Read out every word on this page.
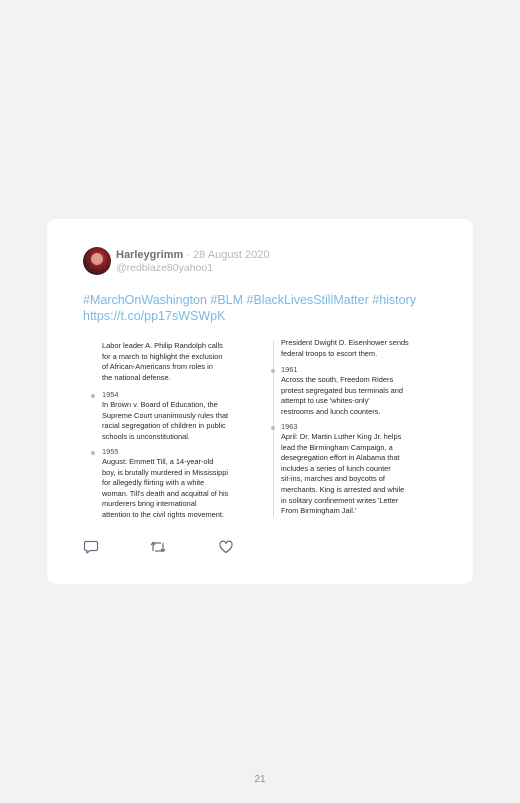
Harleygrimm · 28 August 2020
@redblaze80yahoo1
#MarchOnWashington #BLM #BlackLivesStillMatter #history
https://t.co/pp17sWSWpK
Labor leader A. Philip Randolph calls
for a march to highlight the exclusion
of African-Americans from roles in
the national defense.
1954
In Brown v. Board of Education, the
Supreme Court unanimously rules that
racial segregation of children in public
schools is unconstitutional.
1955
August: Emmett Till, a 14-year-old
boy, is brutally murdered in Mississippi
for allegedly flirting with a white
woman. Till's death and acquittal of his
murderers bring international
attention to the civil rights movement.
President Dwight D. Eisenhower sends
federal troops to escort them.
1961
Across the south, Freedom Riders
protest segregated bus terminals and
attempt to use 'whites-only'
restrooms and lunch counters.
1963
April: Dr. Martin Luther King Jr. helps
lead the Birmingham Campaign, a
desegregation effort in Alabama that
includes a series of lunch counter
sit-ins, marches and boycotts of
merchants. King is arrested and while
in solitary confinement writes 'Letter
From Birmingham Jail.'
21
